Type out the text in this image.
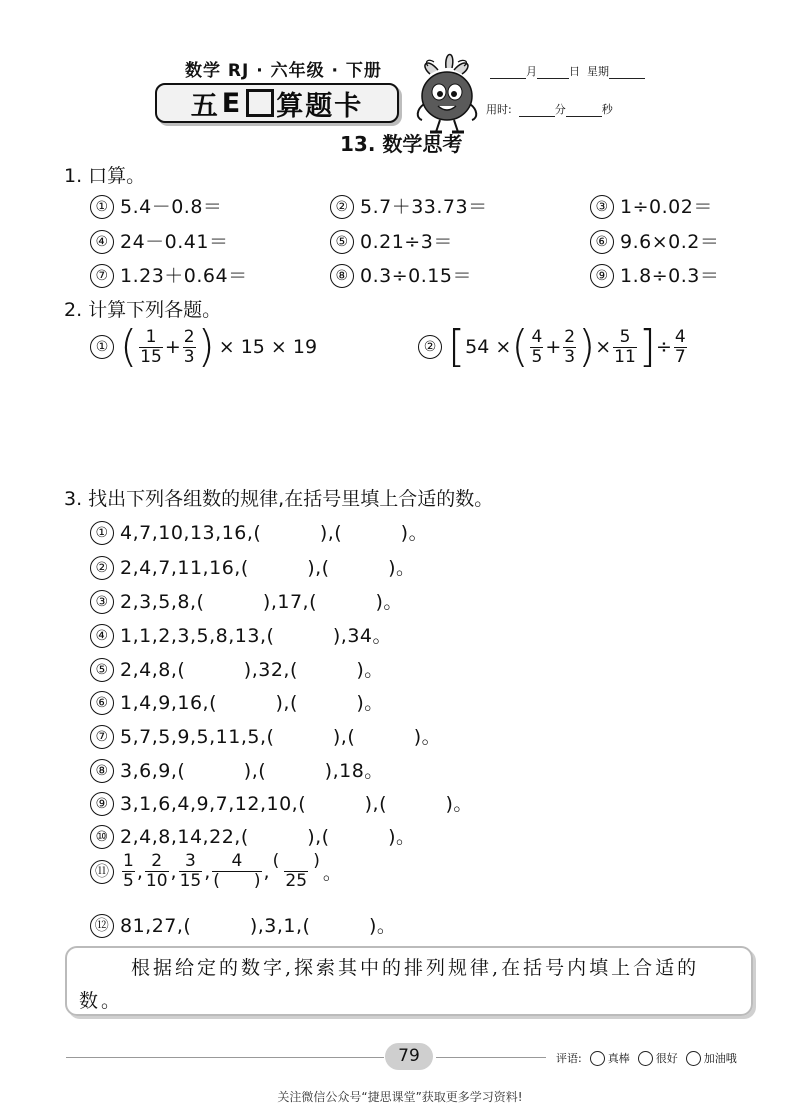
数学 RJ · 六年级 · 下册
五 E 算题卡
月	日 星期
用时:	分	秒
13. 数学思考
1. 口算。
① 5.4－0.8＝	② 5.7＋33.73＝	③ 1÷0.02＝
④ 24－0.41＝	⑤ 0.21÷3＝	⑥ 9.6×0.2＝
⑦ 1.23＋0.64＝	⑧ 0.3÷0.15＝	⑨ 1.8÷0.3＝
2. 计算下列各题。
① ( $\frac{1}{15} + \frac{2}{3}$ ) × 15 × 19	② [ 54 × ( $\frac{4}{5} + \frac{2}{3}$ ) × $\frac{5}{11}$ ] ÷ $\frac{4}{7}$
3. 找出下列各组数的规律,在括号里填上合适的数。
① 4,7,10,13,16,(　　　),(　　　)。
② 2,4,7,11,16,(　　　),(　　　)。
③ 2,3,5,8,(　　　),17,(　　　)。
④ 1,1,2,3,5,8,13,(　　　),34。
⑤ 2,4,8,(　　　),32,(　　　)。
⑥ 1,4,9,16,(　　　),(　　　)。
⑦ 5,7,5,9,5,11,5,(　　　),(　　　)。
⑧ 3,6,9,(　　　),(　　　),18。
⑨ 3,1,6,4,9,7,12,10,(　　　),(　　　)。
⑩ 2,4,8,14,22,(　　　),(　　　)。
⑪ $\frac{1}{5}$ , $\frac{2}{10}$ , $\frac{3}{15}$ , $\frac{4}{( )}$ , $\frac{( )}{25}$ 。
⑫ 81,27,(　　　),3,1,(　　　)。

根据给定的数字,探索其中的排列规律,在括号内填上合适的数。

79	评语: 真棒 很好 加油哦
关注微信公众号“捷思课堂”获取更多学习资料!
